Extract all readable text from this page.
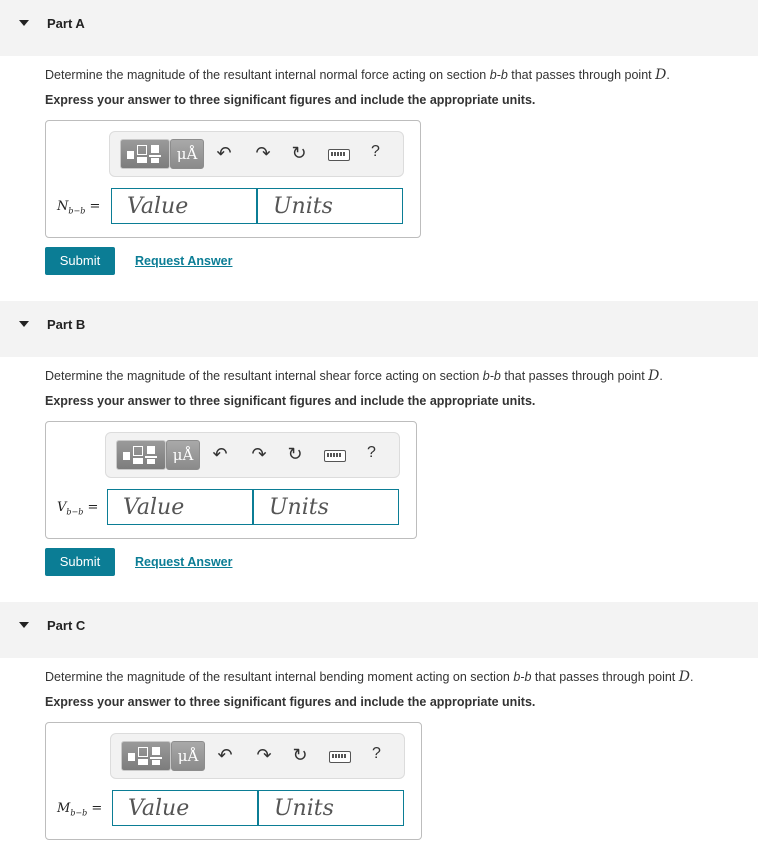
Part A
Determine the magnitude of the resultant internal normal force acting on section b-b that passes through point D.
Express your answer to three significant figures and include the appropriate units.
μÅ	↶ ↷ ↻	?
$N_{b-b}$ =
Value
Units
Submit	Request Answer
Part B
Determine the magnitude of the resultant internal shear force acting on section b-b that passes through point D.
Express your answer to three significant figures and include the appropriate units.
μÅ	↶ ↷ ↻	?
$V_{b-b}$ =
Value
Units
Submit	Request Answer
Part C
Determine the magnitude of the resultant internal bending moment acting on section b-b that passes through point D.
Express your answer to three significant figures and include the appropriate units.
μÅ	↶ ↷ ↻	?
$M_{b-b}$ =
Value
Units
